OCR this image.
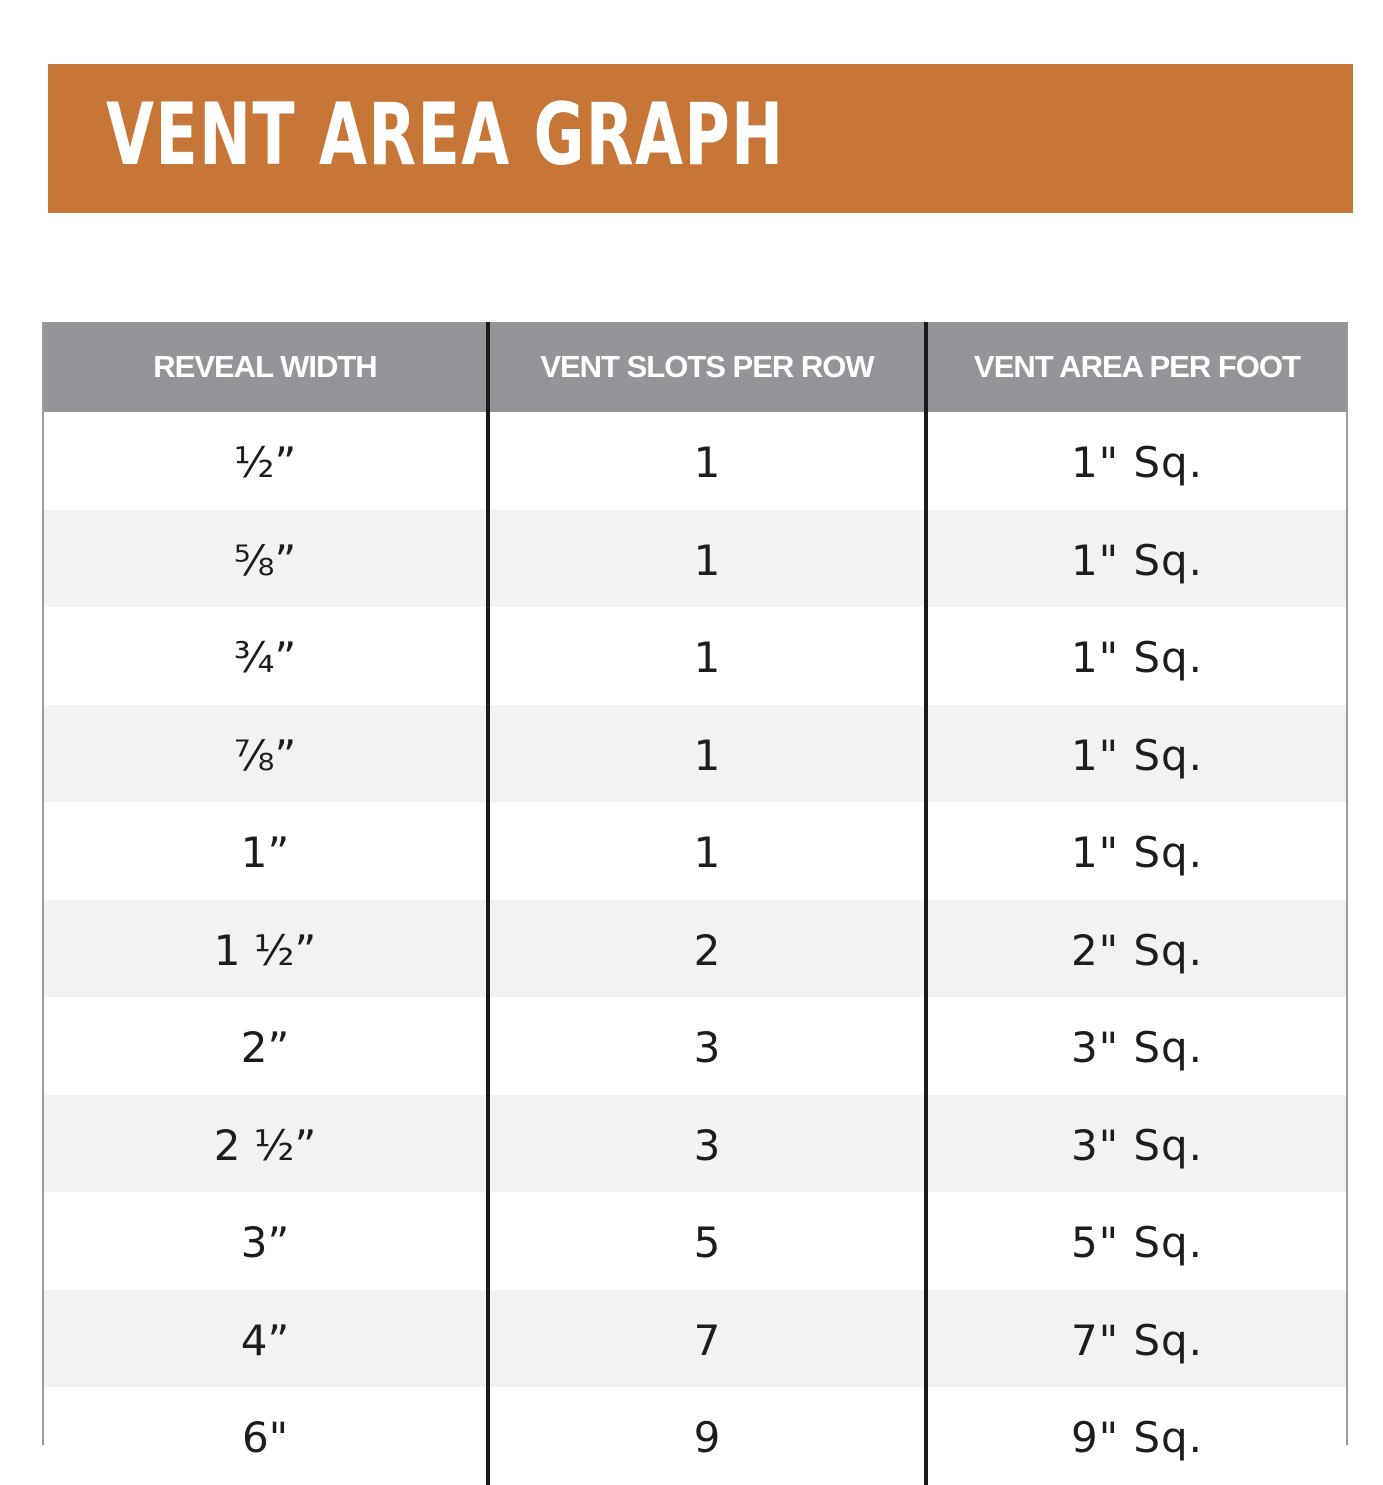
VENT AREA GRAPH
REVEAL WIDTH	VENT SLOTS PER ROW	VENT AREA PER FOOT
½”	1	1" Sq.
⅝”	1	1" Sq.
¾”	1	1" Sq.
⅞”	1	1" Sq.
1”	1	1" Sq.
1 ½”	2	2" Sq.
2”	3	3" Sq.
2 ½”	3	3" Sq.
3”	5	5" Sq.
4”	7	7" Sq.
6"	9	9" Sq.
